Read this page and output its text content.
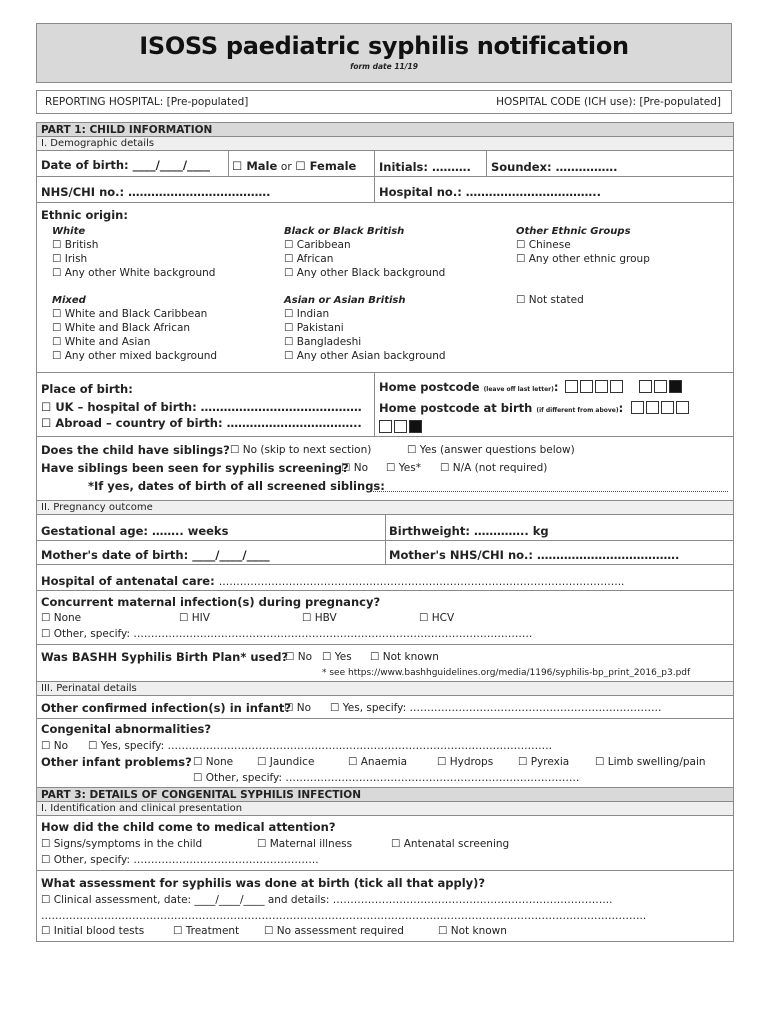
ISOSS paediatric syphilis notification
form date 11/19
REPORTING HOSPITAL: [Pre-populated]	HOSPITAL CODE (ICH use): [Pre-populated]
PART 1: CHILD INFORMATION
I. Demographic details
Date of birth: ____/____/____ ☐ Male or ☐ Female Initials: ………. Soundex: …………….
NHS/CHI no.: ……………………………….	Hospital no.: ……………………………..
Ethnic origin:
White
☐ British
☐ Irish
☐ Any other White background
Black or Black British
☐ Caribbean
☐ African
☐ Any other Black background
Other Ethnic Groups
☐ Chinese
☐ Any other ethnic group
Mixed
☐ White and Black Caribbean
☐ White and Black African
☐ White and Asian
☐ Any other mixed background
Asian or Asian British
☐ Indian
☐ Pakistani
☐ Bangladeshi
☐ Any other Asian background
☐ Not stated
Place of birth:
☐ UK – hospital of birth: ……………………………………
☐ Abroad – country of birth: ……………………………..
Home postcode (leave off last letter):
Home postcode at birth (if different from above):
Does the child have siblings? ☐ No (skip to next section)	☐ Yes (answer questions below)
Have siblings been seen for syphilis screening?
☐ No ☐ Yes* ☐ N/A (not required)
*If yes, dates of birth of all screened siblings:
II. Pregnancy outcome
Gestational age: …….. weeks	Birthweight: ………….. kg
Mother's date of birth: ____/____/____	Mother's NHS/CHI no.: ……………………………….
Hospital of antenatal care: ……………………………………………………………………………………………………..
Concurrent maternal infection(s) during pregnancy?
☐ None	☐ HIV	☐ HBV	☐ HCV
☐ Other, specify: ……………………………………………………………………………………………………
Was BASHH Syphilis Birth Plan* used?
☐ No ☐ Yes ☐ Not known
* see https://www.bashhguidelines.org/media/1196/syphilis-bp_print_2016_p3.pdf
III. Perinatal details
Other confirmed infection(s) in infant?
☐ No ☐ Yes, specify: ………………………………………………………………
Congenital abnormalities?
☐ No ☐ Yes, specify: …………………………………………..……………………………………………………
Other infant problems? ☐ None ☐ Jaundice	☐ Anaemia	☐ Hydrops ☐ Pyrexia ☐ Limb swelling/pain
☐ Other, specify: …………………………………………………………………………
PART 3: DETAILS OF CONGENITAL SYPHILIS INFECTION
I. Identification and clinical presentation
How did the child come to medical attention?
☐ Signs/symptoms in the child	☐ Maternal illness	☐ Antenatal screening
☐ Other, specify: ……………………………………………..
What assessment for syphilis was done at birth (tick all that apply)?
☐ Clinical assessment, date: ____/____/____ and details: ……………………………………………………………………..
………………………………………………………………………………………………………………………………………………………..
☐ Initial blood tests	☐ Treatment ☐ No assessment required	☐ Not known
